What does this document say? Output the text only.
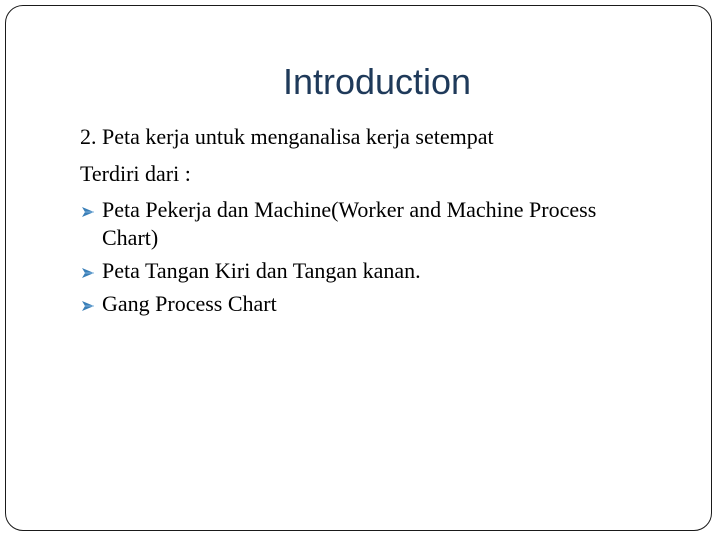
Introduction
2. Peta kerja untuk menganalisa kerja setempat
Terdiri dari :
Peta Pekerja dan Machine(Worker and Machine Process Chart)
Peta Tangan Kiri dan Tangan kanan.
Gang Process Chart
